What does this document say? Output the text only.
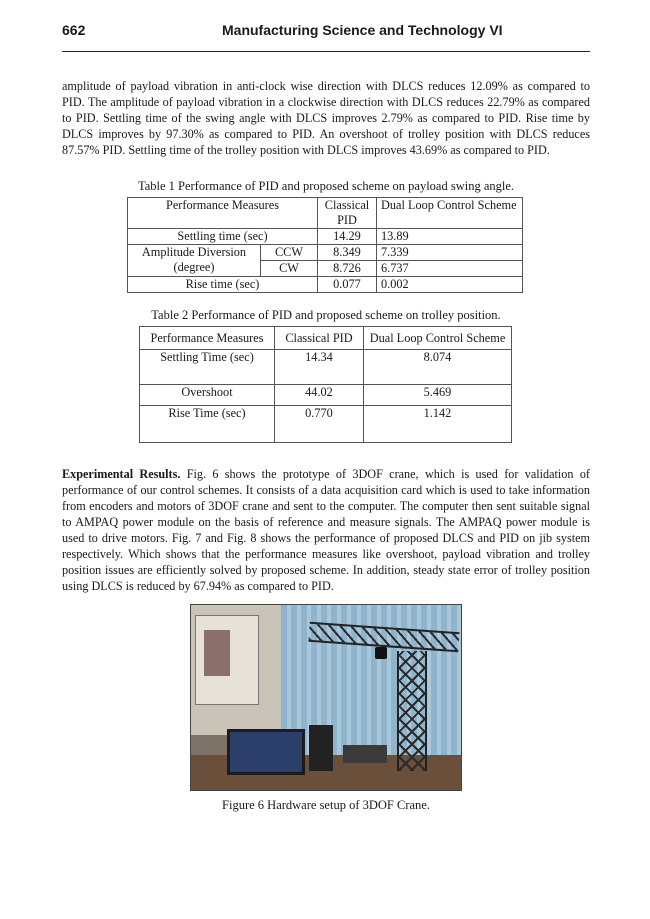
662	Manufacturing Science and Technology VI
amplitude of payload vibration in anti-clock wise direction with DLCS reduces 12.09% as compared to PID. The amplitude of payload vibration in a clockwise direction with DLCS reduces 22.79% as compared to PID. Settling time of the swing angle with DLCS improves 2.79% as compared to PID. Rise time by DLCS improves by 97.30% as compared to PID. An overshoot of trolley position with DLCS reduces 87.57% PID. Settling time of the trolley position with DLCS improves 43.69% as compared to PID.
Table 1 Performance of PID and proposed scheme on payload swing angle.
Performance Measures		Classical PID	Dual Loop Control Scheme
Settling time (sec)		14.29	13.89
Amplitude Diversion (degree)	CCW	8.349	7.339
	CW	8.726	6.737
Rise time (sec)		0.077	0.002
Table 2 Performance of PID and proposed scheme on trolley position.
Performance Measures	Classical PID	Dual Loop Control Scheme
Settling Time (sec)	14.34	8.074
Overshoot	44.02	5.469
Rise Time (sec)	0.770	1.142
Experimental Results. Fig. 6 shows the prototype of 3DOF crane, which is used for validation of performance of our control schemes. It consists of a data acquisition card which is used to take information from encoders and motors of 3DOF crane and sent to the computer. The computer then sent suitable signal to AMPAQ power module on the basis of reference and measure signals. The AMPAQ power module is used to drive motors. Fig. 7 and Fig. 8 shows the performance of proposed DLCS and PID on jib system respectively. Which shows that the performance measures like overshoot, payload vibration and trolley position issues are efficiently solved by proposed scheme. In addition, steady state error of trolley position using DLCS is reduced by 67.94% as compared to PID.
Figure 6 Hardware setup of 3DOF Crane.
